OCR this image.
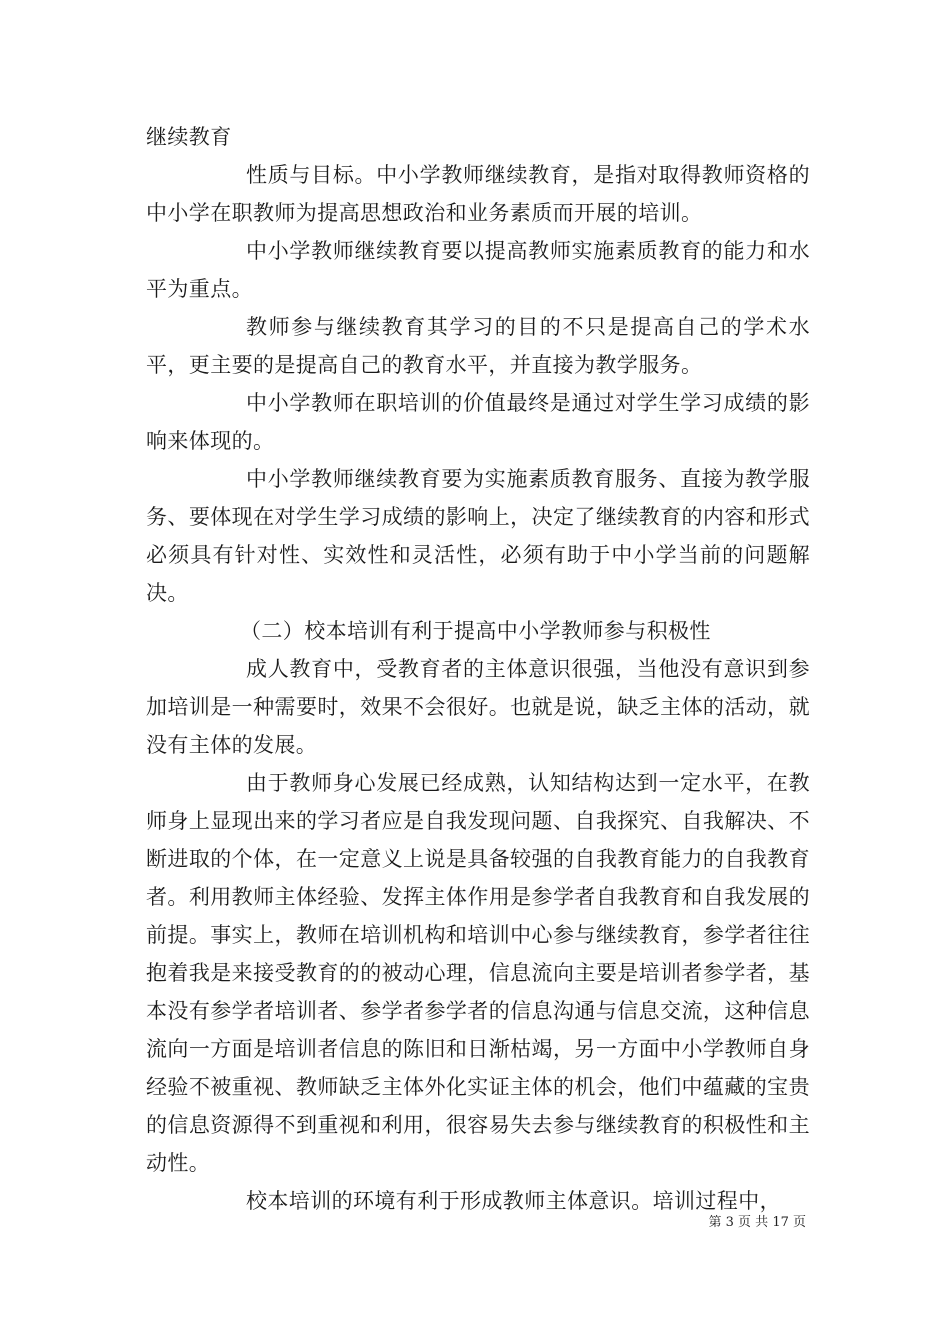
继续教育

性质与目标。中小学教师继续教育，是指对取得教师资格的中小学在职教师为提高思想政治和业务素质而开展的培训。

中小学教师继续教育要以提高教师实施素质教育的能力和水平为重点。

教师参与继续教育其学习的目的不只是提高自己的学术水平，更主要的是提高自己的教育水平，并直接为教学服务。

中小学教师在职培训的价值最终是通过对学生学习成绩的影响来体现的。

中小学教师继续教育要为实施素质教育服务、直接为教学服务、要体现在对学生学习成绩的影响上，决定了继续教育的内容和形式必须具有针对性、实效性和灵活性，必须有助于中小学当前的问题解决。

（二）校本培训有利于提高中小学教师参与积极性

成人教育中，受教育者的主体意识很强，当他没有意识到参加培训是一种需要时，效果不会很好。也就是说，缺乏主体的活动，就没有主体的发展。

由于教师身心发展已经成熟，认知结构达到一定水平，在教师身上显现出来的学习者应是自我发现问题、自我探究、自我解决、不断进取的个体，在一定意义上说是具备较强的自我教育能力的自我教育者。利用教师主体经验、发挥主体作用是参学者自我教育和自我发展的前提。事实上，教师在培训机构和培训中心参与继续教育，参学者往往抱着我是来接受教育的的被动心理，信息流向主要是培训者参学者，基本没有参学者培训者、参学者参学者的信息沟通与信息交流，这种信息流向一方面是培训者信息的陈旧和日渐枯竭，另一方面中小学教师自身经验不被重视、教师缺乏主体外化实证主体的机会，他们中蕴藏的宝贵的信息资源得不到重视和利用，很容易失去参与继续教育的积极性和主动性。

校本培训的环境有利于形成教师主体意识。培训过程中，

第 3 页 共 17 页
